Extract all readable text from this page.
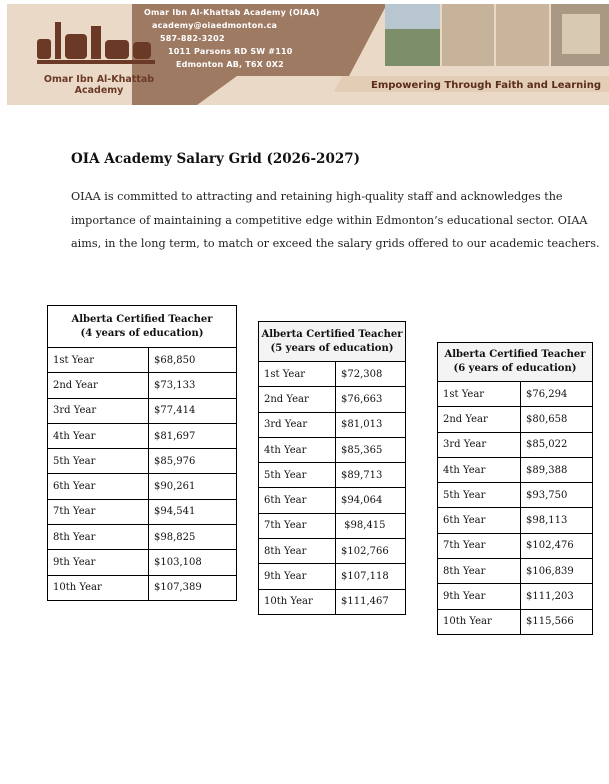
Omar Ibn Al-Khattab
Academy
Omar Ibn Al-Khattab Academy (OIAA)
academy@oiaedmonton.ca
587-882-3202
1011 Parsons RD SW #110
Edmonton AB, T6X 0X2
Empowering Through Faith and Learning
OIA Academy Salary Grid (2026-2027)
OIAA is committed to attracting and retaining high-quality staff and acknowledges the
importance of maintaining a competitive edge within Edmonton’s educational sector. OIAA
aims, in the long term, to match or exceed the salary grids offered to our academic teachers.
Alberta Certified Teacher
(4 years of education)	

1st Year	$68,850
2nd Year	$73,133
3rd Year	$77,414
4th Year	$81,697
5th Year	$85,976
6th Year	$90,261
7th Year	$94,541
8th Year	$98,825
9th Year	$103,108
10th Year	$107,389
Alberta Certified Teacher
(5 years of education)	

1st Year	$72,308
2nd Year	$76,663
3rd Year	$81,013
4th Year	$85,365
5th Year	$89,713
6th Year	$94,064
7th Year	$98,415
8th Year	$102,766
9th Year	$107,118
10th Year	$111,467
Alberta Certified Teacher
(6 years of education)	

1st Year	$76,294
2nd Year	$80,658
3rd Year	$85,022
4th Year	$89,388
5th Year	$93,750
6th Year	$98,113
7th Year	$102,476
8th Year	$106,839
9th Year	$111,203
10th Year	$115,566
